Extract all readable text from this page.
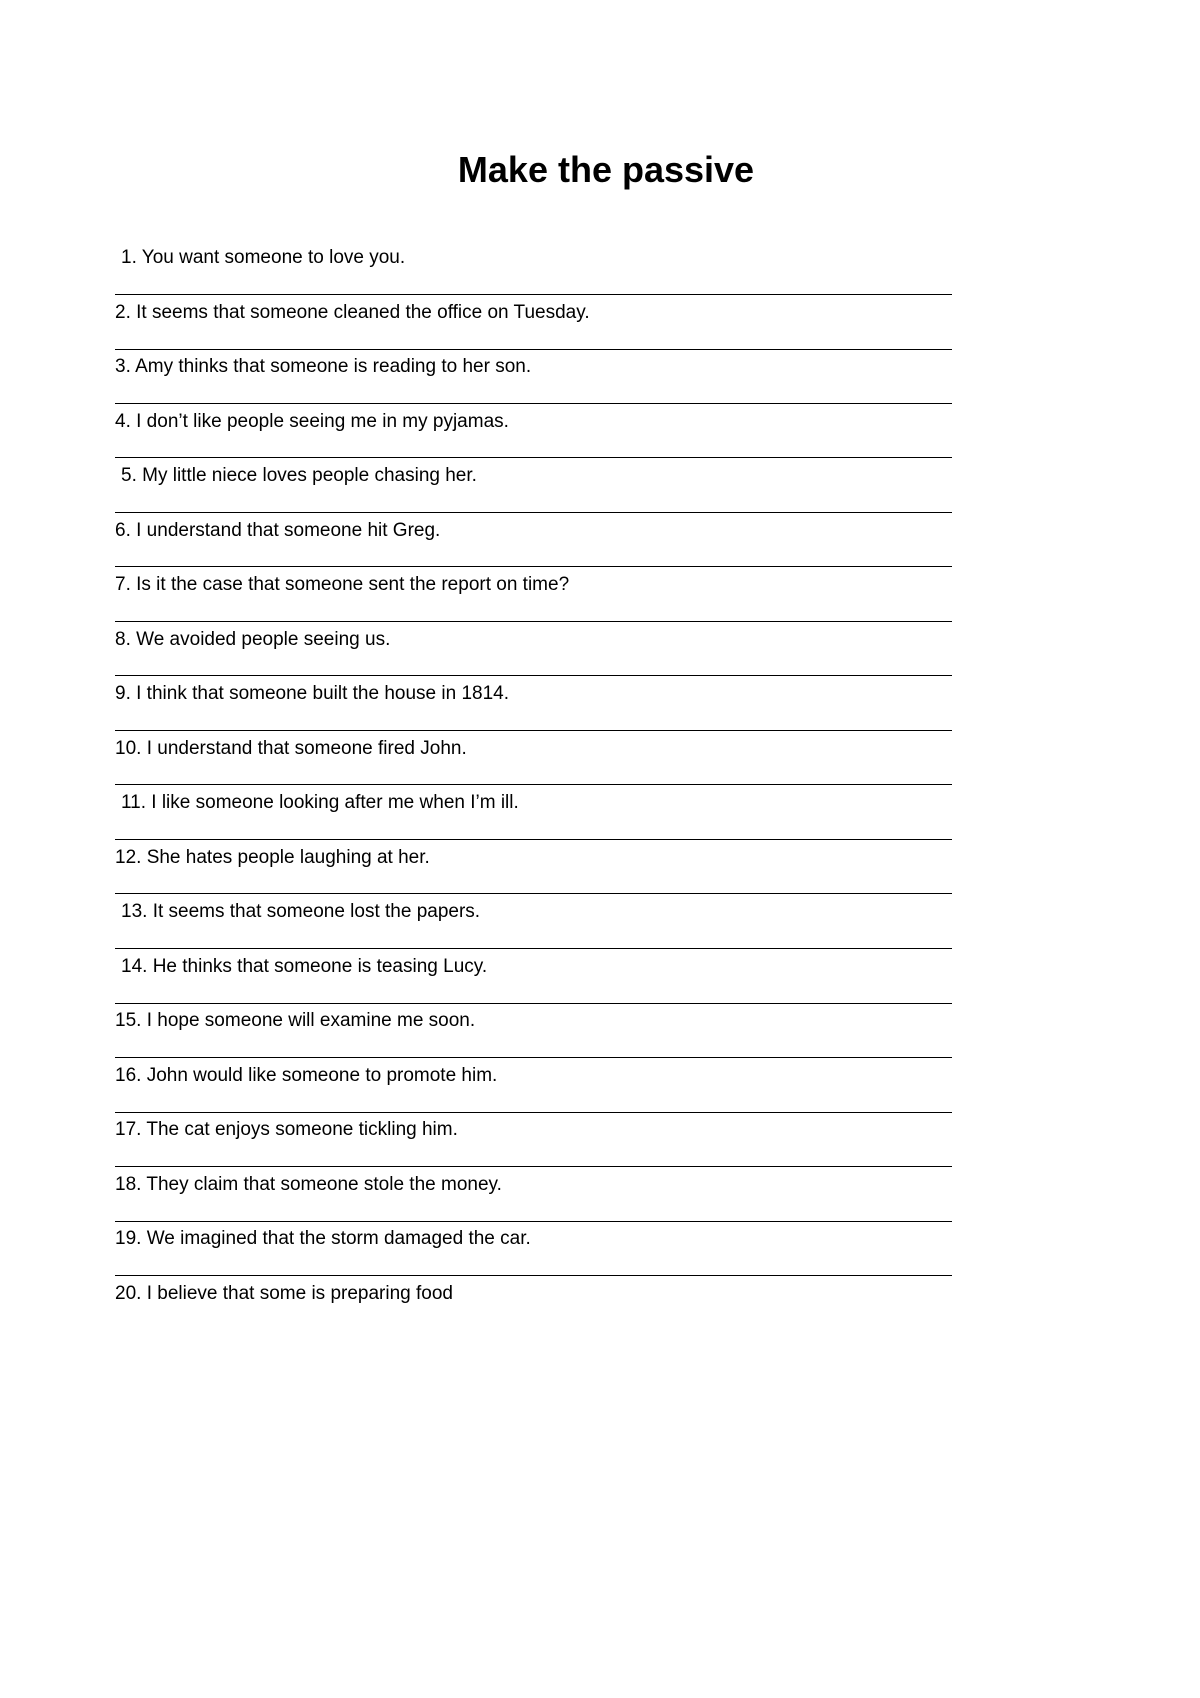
Make the passive
1. You want someone to love you.
2. It seems that someone cleaned the office on Tuesday.
3. Amy thinks that someone is reading to her son.
4. I don’t like people seeing me in my pyjamas.
5. My little niece loves people chasing her.
6. I understand that someone hit Greg.
7. Is it the case that someone sent the report on time?
8. We avoided people seeing us.
9. I think that someone built the house in 1814.
10. I understand that someone fired John.
11. I like someone looking after me when I’m ill.
12. She hates people laughing at her.
13. It seems that someone lost the papers.
14. He thinks that someone is teasing Lucy.
15. I hope someone will examine me soon.
16. John would like someone to promote him.
17. The cat enjoys someone tickling him.
18. They claim that someone stole the money.
19. We imagined that the storm damaged the car.
20. I believe that some is preparing food
